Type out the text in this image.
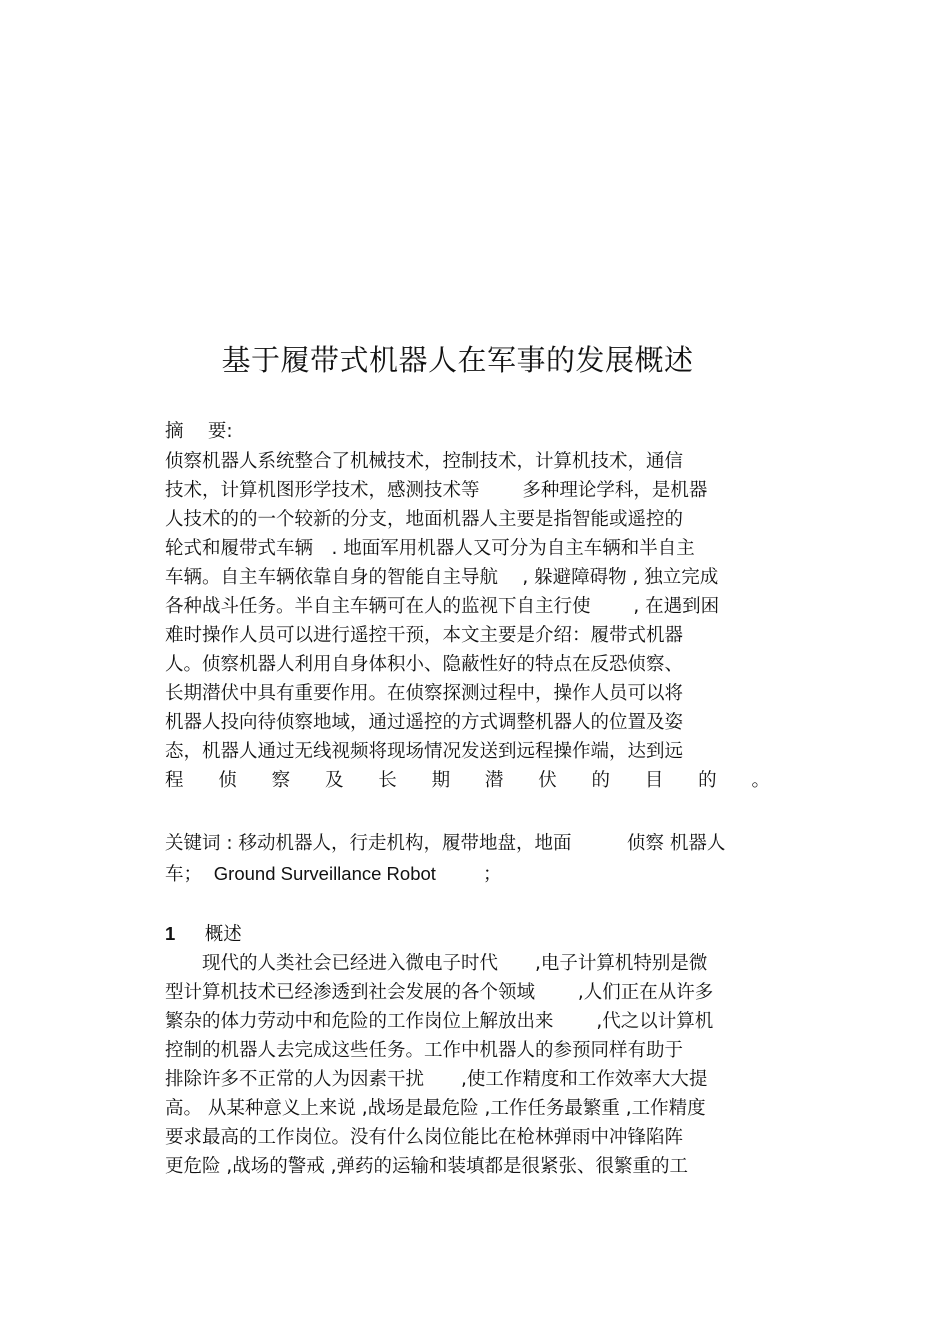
基于履带式机器人在军事的发展概述
摘　 要:
侦察机器人系统整合了机械技术，控制技术，计算机技术，通信
技术，计算机图形学技术，感测技术等　　 多种理论学科，是机器
人技术的的一个较新的分支，地面机器人主要是指智能或遥控的
轮式和履带式车辆　. 地面军用机器人又可分为自主车辆和半自主
车辆。自主车辆依靠自身的智能自主导航　 , 躲避障碍物 , 独立完成
各种战斗任务。半自主车辆可在人的监视下自主行使　　 , 在遇到困
难时操作人员可以进行遥控干预，本文主要是介绍：履带式机器
人。侦察机器人利用自身体积小、隐蔽性好的特点在反恐侦察、
长期潜伏中具有重要作用。在侦察探测过程中，操作人员可以将
机器人投向待侦察地域，通过遥控的方式调整机器人的位置及姿
态，机器人通过无线视频将现场情况发送到远程操作端，达到远
程 侦 察 及 长 期 潜 伏 的 目 的 。
关键词 : 移动机器人，行走机构，履带地盘，地面　　　侦察 机器人
车； Ground Surveillance Robot	；
1 概述
　　现代的人类社会已经进入微电子时代　　,电子计算机特别是微
型计算机技术已经渗透到社会发展的各个领域　　 ,人们正在从许多
繁杂的体力劳动中和危险的工作岗位上解放出来　　 ,代之以计算机
控制的机器人去完成这些任务。工作中机器人的参预同样有助于
排除许多不正常的人为因素干扰　　,使工作精度和工作效率大大提
高。 从某种意义上来说 ,战场是最危险 ,工作任务最繁重 ,工作精度
要求最高的工作岗位。没有什么岗位能比在枪林弹雨中冲锋陷阵
更危险 ,战场的警戒 ,弹药的运输和装填都是很紧张、很繁重的工
